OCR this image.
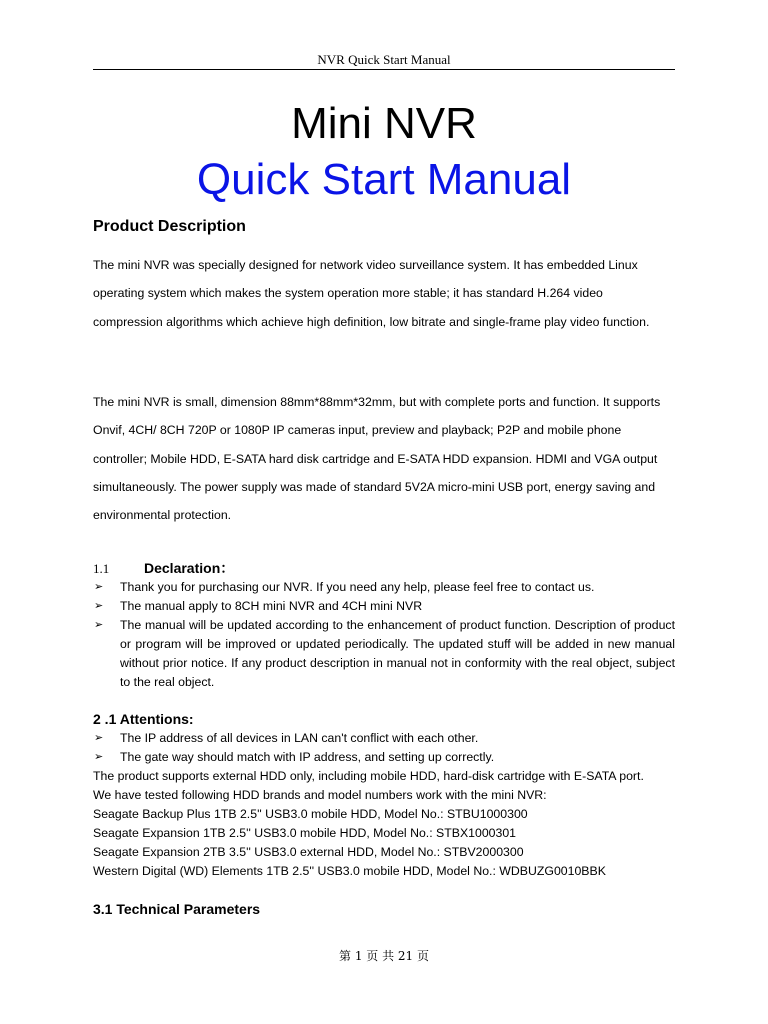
NVR Quick Start Manual
Mini NVR
Quick Start Manual
Product Description

The mini NVR was specially designed for network video surveillance system. It has embedded Linux operating system which makes the system operation more stable; it has standard H.264 video compression algorithms which achieve high definition, low bitrate and single-frame play video function.

The mini NVR is small, dimension 88mm*88mm*32mm, but with complete ports and function. It supports Onvif, 4CH/ 8CH 720P or 1080P IP cameras input, preview and playback; P2P and mobile phone controller; Mobile HDD, E-SATA hard disk cartridge and E-SATA HDD expansion. HDMI and VGA output simultaneously. The power supply was made of standard 5V2A micro-mini USB port, energy saving and environmental protection.

1.1 Declaration：
➢	Thank you for purchasing our NVR. If you need any help, please feel free to contact us.
➢	The manual apply to 8CH mini NVR and 4CH mini NVR
➢	The manual will be updated according to the enhancement of product function. Description of product or program will be improved or updated periodically. The updated stuff will be added in new manual without prior notice. If any product description in manual not in conformity with the real object, subject to the real object.
2 .1 Attentions:
➢	The IP address of all devices in LAN can't conflict with each other.
➢	The gate way should match with IP address, and setting up correctly.
The product supports external HDD only, including mobile HDD, hard-disk cartridge with E-SATA port.
We have tested following HDD brands and model numbers work with the mini NVR:
Seagate Backup Plus 1TB 2.5'' USB3.0 mobile HDD, Model No.: STBU1000300
Seagate Expansion 1TB 2.5'' USB3.0 mobile HDD, Model No.: STBX1000301
Seagate Expansion 2TB 3.5'' USB3.0 external HDD, Model No.: STBV2000300
Western Digital (WD) Elements 1TB 2.5'' USB3.0 mobile HDD, Model No.: WDBUZG0010BBK
3.1 Technical Parameters
第 1 页 共 21 页
